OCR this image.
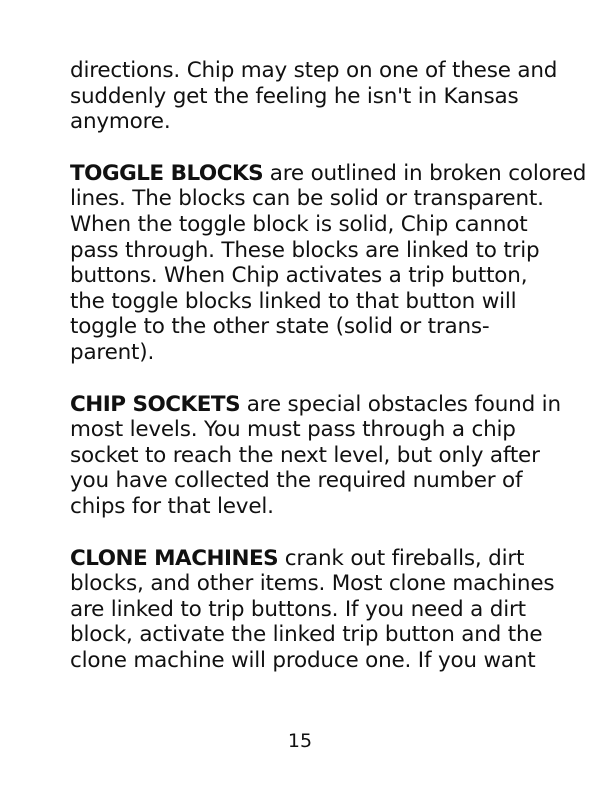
directions. Chip may step on one of these and
suddenly get the feeling he isn't in Kansas
anymore.

TOGGLE BLOCKS are outlined in broken colored
lines. The blocks can be solid or transparent.
When the toggle block is solid, Chip cannot
pass through. These blocks are linked to trip
buttons. When Chip activates a trip button,
the toggle blocks linked to that button will
toggle to the other state (solid or trans-
parent).

CHIP SOCKETS are special obstacles found in
most levels. You must pass through a chip
socket to reach the next level, but only after
you have collected the required number of
chips for that level.

CLONE MACHINES crank out fireballs, dirt
blocks, and other items. Most clone machines
are linked to trip buttons. If you need a dirt
block, activate the linked trip button and the
clone machine will produce one. If you want

15
